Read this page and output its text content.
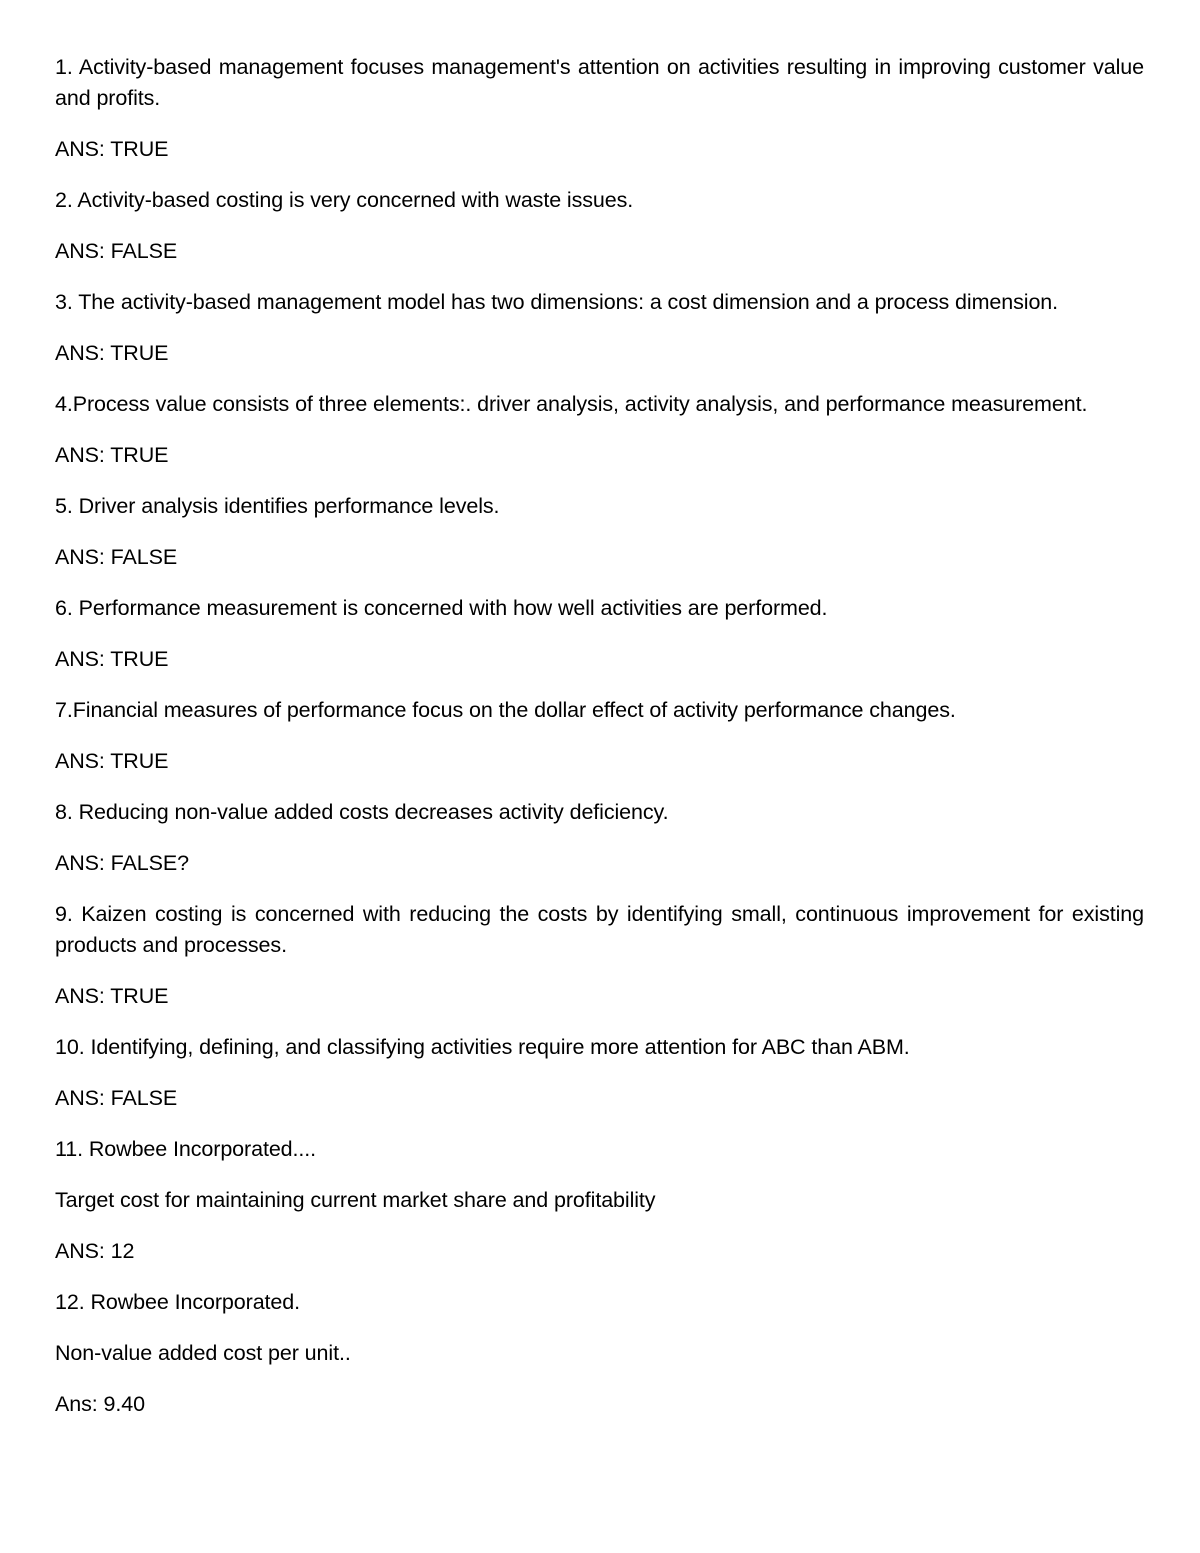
1. Activity-based management focuses management's attention on activities resulting in improving customer value and profits.

ANS: TRUE

2. Activity-based costing is very concerned with waste issues.

ANS: FALSE

3. The activity-based management model has two dimensions: a cost dimension and a process dimension.

ANS: TRUE

4.Process value consists of three elements:. driver analysis, activity analysis, and performance measurement.

ANS: TRUE

5. Driver analysis identifies performance levels.

ANS: FALSE

6. Performance measurement is concerned with how well activities are performed.

ANS: TRUE

7.Financial measures of performance focus on the dollar effect of activity performance changes.

ANS: TRUE

8. Reducing non-value added costs decreases activity deficiency.

ANS: FALSE?

9. Kaizen costing is concerned with reducing the costs by identifying small, continuous improvement for existing products and processes.

ANS: TRUE

10. Identifying, defining, and classifying activities require more attention for ABC than ABM.

ANS: FALSE

11. Rowbee Incorporated....

Target cost for maintaining current market share and profitability

ANS: 12

12. Rowbee Incorporated.

Non-value added cost per unit..

Ans: 9.40
